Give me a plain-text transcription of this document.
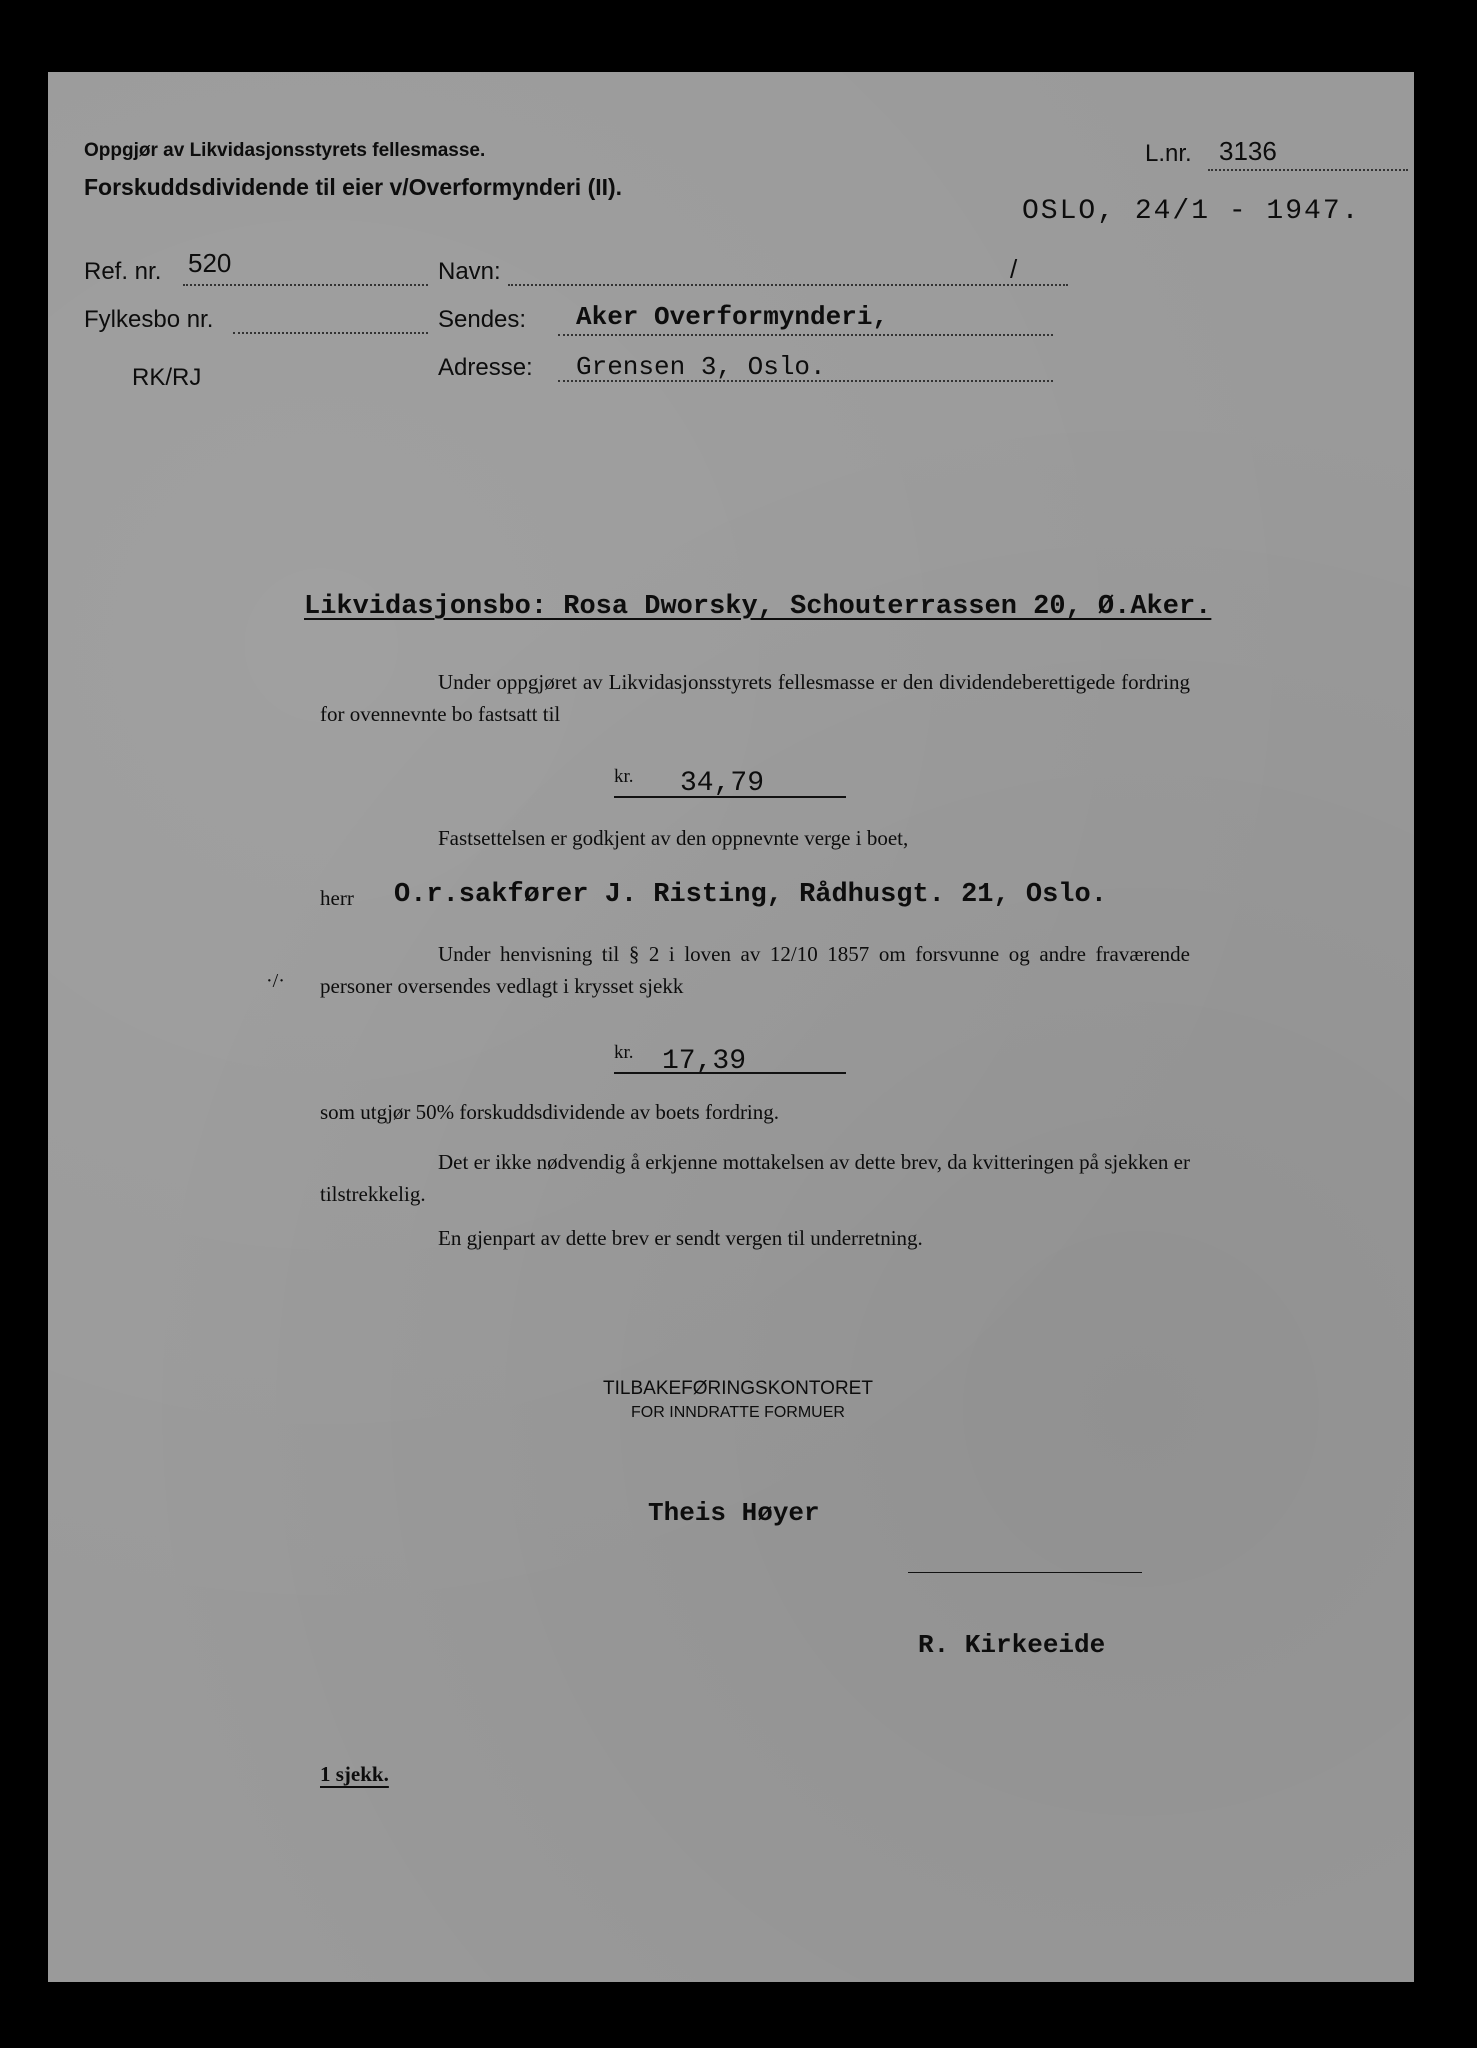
Oppgjør av Likvidasjonsstyrets fellesmasse.
Forskuddsdividende til eier v/Overformynderi (II).
L.nr. 3136
OSLO, 24/1 - 1947.
Ref. nr. 520
Fylkesbo nr.
RK/RJ
Navn:	/
Sendes: Aker Overformynderi,
Adresse: Grensen 3, Oslo.
Likvidasjonsbo: Rosa Dworsky, Schouterrassen 20, Ø.Aker.

Under oppgjøret av Likvidasjonsstyrets fellesmasse er den dividendeberettigede fordring for ovennevnte bo fastsatt til

kr. 34,79
Fastsettelsen er godkjent av den oppnevnte verge i boet,
herr O.r.sakfører J. Risting, Rådhusgt. 21, Oslo.
·/·

Under henvisning til § 2 i loven av 12/10 1857 om forsvunne og andre fraværende personer oversendes vedlagt i krysset sjekk

kr. 17,39
som utgjør 50% forskuddsdividende av boets fordring.

Det er ikke nødvendig å erkjenne mottakelsen av dette brev, da kvitteringen på sjekken er tilstrekkelig.

En gjenpart av dette brev er sendt vergen til underretning.
TILBAKEFØRINGSKONTORET
FOR INNDRATTE FORMUER
Theis Høyer
R. Kirkeeide
1 sjekk.
